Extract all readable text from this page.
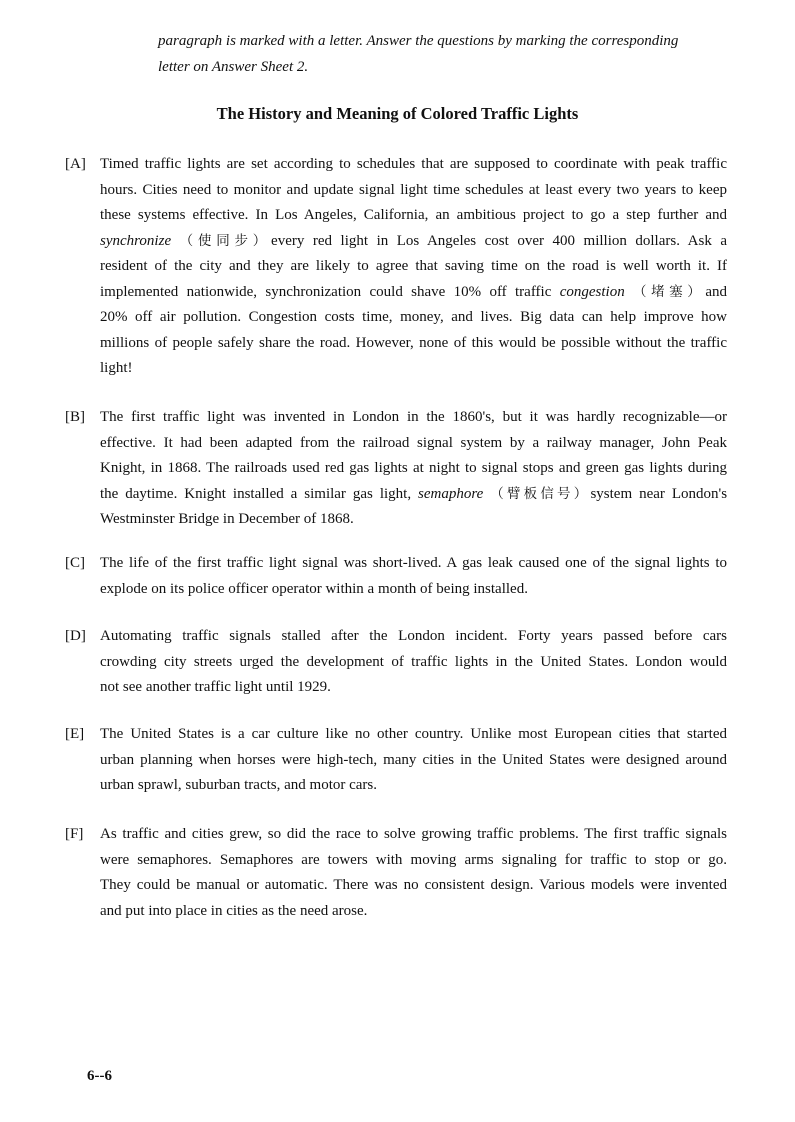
paragraph is marked with a letter. Answer the questions by marking the corresponding
letter on Answer Sheet 2.
The History and Meaning of Colored Traffic Lights
[A] Timed traffic lights are set according to schedules that are supposed to coordinate with peak traffic
hours. Cities need to monitor and update signal light time schedules at least every two years to keep
these systems effective. In Los Angeles, California, an ambitious project to go a step further and
synchronize （使同步）every red light in Los Angeles cost over 400 million dollars. Ask a
resident of the city and they are likely to agree that saving time on the road is well worth it. If
implemented nationwide, synchronization could shave 10% off traffic congestion （堵塞）and
20% off air pollution. Congestion costs time, money, and lives. Big data can help improve how
millions of people safely share the road. However, none of this would be possible without the traffic
light!
[B] The first traffic light was invented in London in the 1860's, but it was hardly recognizable—or
effective. It had been adapted from the railroad signal system by a railway manager, John Peak
Knight, in 1868. The railroads used red gas lights at night to signal stops and green gas lights during
the daytime. Knight installed a similar gas light, semaphore （臂板信号）system near London's
Westminster Bridge in December of 1868.
[C] The life of the first traffic light signal was short-lived. A gas leak caused one of the signal lights to
explode on its police officer operator within a month of being installed.
[D] Automating traffic signals stalled after the London incident. Forty years passed before cars
crowding city streets urged the development of traffic lights in the United States. London would
not see another traffic light until 1929.
[E] The United States is a car culture like no other country. Unlike most European cities that started
urban planning when horses were high-tech, many cities in the United States were designed around
urban sprawl, suburban tracts, and motor cars.
[F] As traffic and cities grew, so did the race to solve growing traffic problems. The first traffic signals
were semaphores. Semaphores are towers with moving arms signaling for traffic to stop or go.
They could be manual or automatic. There was no consistent design. Various models were invented
and put into place in cities as the need arose.
6--6
